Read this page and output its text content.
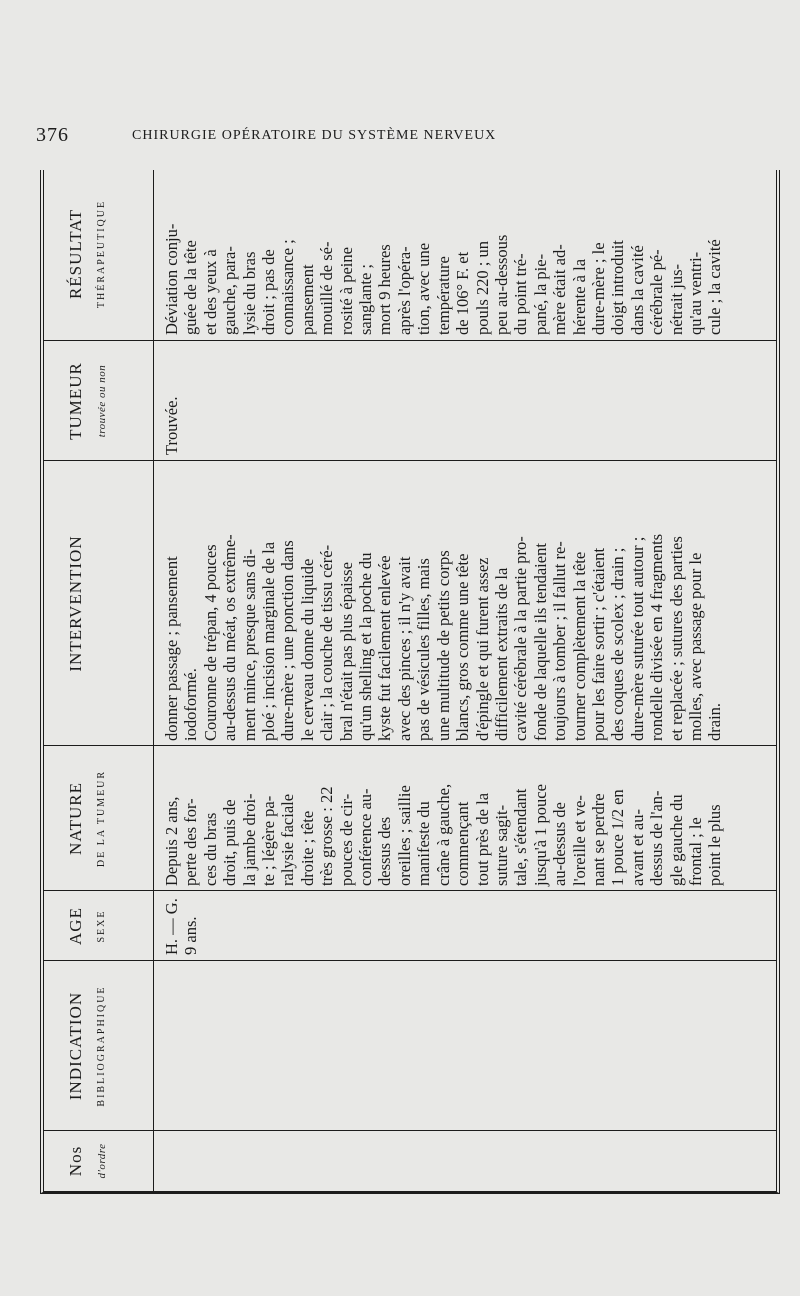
376	CHIRURGIE OPÉRATOIRE DU SYSTÈME NERVEUX
Nos d'ordre
INDICATION BIBLIOGRAPHIQUE
AGE SEXE
NATURE DE LA TUMEUR
INTERVENTION
TUMEUR trouvée ou non
RÉSULTAT THÉRAPEUTIQUE
H. — G. 9 ans.
Depuis 2 ans, perte des for- ces du bras droit, puis de la jambe droi- te ; légère pa- ralysie faciale droite ; tête très grosse : 22 pouces de cir- conférence au- dessus des oreilles ; saillie manifeste du crâne à gauche, commençant tout près de la suture sagit- tale, s'étendant jusqu'à 1 pouce au-dessus de l'oreille et ve- nant se perdre 1 pouce 1/2 en avant et au- dessus de l'an- gle gauche du frontal ; le point le plus
donner passage ; pansement iodoformé. Couronne de trépan, 4 pouces au-dessus du méat, os extrême- ment mince, presque sans di- ploé ; incision marginale de la dure-mère ; une ponction dans le cerveau donne du liquide clair ; la couche de tissu céré- bral n'était pas plus épaisse qu'un shelling et la poche du kyste fut facilement enlevée avec des pinces ; il n'y avait pas de vésicules filles, mais une multitude de petits corps blancs, gros comme une tête d'épingle et qui furent assez difficilement extraits de la cavité cérébrale à la partie pro- fonde de laquelle ils tendaient toujours à tomber ; il fallut re- tourner complètement la tête pour les faire sortir ; c'étaient des coques de scolex ; drain ; dure-mère suturée tout autour ; rondelle divisée en 4 fragments et replacée ; sutures des parties molles, avec passage pour le drain.
Trouvée.
Déviation conju- guée de la tête et des yeux à gauche, para- lysie du bras droit ; pas de connaissance ; pansement mouillé de sé- rosité à peine sanglante ; mort 9 heures après l'opéra- tion, avec une température de 106° F. et pouls 220 ; un peu au-dessous du point tré- pané, la pie- mère était ad- hérente à la dure-mère ; le doigt introduit dans la cavité cérébrale pé- nétrait jus- qu'au ventri- cule ; la cavité
